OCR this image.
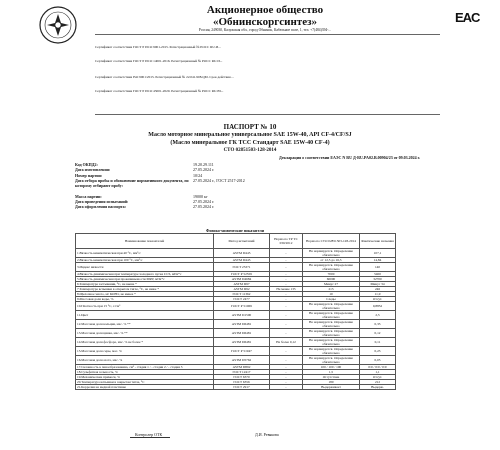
Акционерное общество
«Обнинскоргсинтез»	EAC
Россия, 249030, Калужская обл., город Обнинск, Кабельное поле, 1, тел. +7(484)394-...
Сертификат соответствия ГОСТ Р ИСО 9001-2015. Регистрационный № РОСС RU.И...
Сертификат соответствия ГОСТ Р ИСО 14001-2016. Регистрационный № РОСС RU.И...
Сертификат соответствия ISO 9001:2015. Регистрационный № 22.041.908.QM. Срок действия ...
Сертификат соответствия ГОСТ Р ИСО 45001-2020. Регистрационный № РОСС RU.Ю...
ПАСПОРТ № 10
Масло моторное минеральное универсальное SAE 15W-40, API CF-4/CF/SJ
(Масло минеральное ГК ТСС Стандарт SAE 15W-40 CF-4)
СТО 02851503-128-2014
Декларация о соответствии ЕАЭС N RU Д-RU.PA02.B.00904/23 от 09.03.2024 г.
Код ОКПД2:	19.20.29.111
Дата изготовления:	27.05.2024 г.
Номер партии:	10/24
Дата отбора пробы и обозначение нормативного документа, по которому отбирают пробу:
27.05.2024 г., ГОСТ 2517-2012
Масса партии:	19000 кг
Дата проведения испытаний:	27.05.2024 г.
Дата оформления паспорта:	27.05.2024 г.
Физико-химические показатели
Наименование показателей	Метод испытаний	Норма по ТР ТС 030/2012	Норма по СТО 02851503-128-2014	Фактические значения
1.Вязкость кинематическая при 40 °С, мм²/с	ASTM D445	-	Не нормируется. Определение обязательно	107,1
2.Вязкость кинематическая при 100 °С, мм²/с	ASTM D445	-	от 12,5 до 16,3	14,84
3.Индекс вязкости	ГОСТ 25371	-	Не нормируется. Определение обязательно	140
4.Вязкость динамическая при температуре холодного пуска CCS, мПа*с	ГОСТ Р 52559	-	7000	5400
5.Вязкость динамическая при прокачиваемости MRV, мПа*с	ASTM D4684	-	60000	32700
6.Температура застывания, °С, не выше *	ASTM D97	-	Минус 27	Минус 34
7.Температура вспышки в открытом тигле, °С, не ниже *	ASTM D92	Не менее 135	215	246
8.Щелочное число, мг КОН/г, не менее *	ГОСТ 11362	-	10	11,9
9.Массовая доля воды, %	ГОСТ 2477	-	Следы	Отсут.
10.Плотность при 15 °С, г/см³	ГОСТ Р 51069	-	Не нормируется. Определение обязательно	0,8852
11.Цвет	ASTM D1500	-	Не нормируется. Определение обязательно	2,5
12.Массовая доля кальция, мас. % **	ASTM D6481	-	Не нормируется. Определение обязательно	0,33
13.Массовая доля цинка, мас. % **	ASTM D6481	-	Не нормируется. Определение обязательно	0,12
14.Массовая доля фосфора, мас. % не более *	ASTM D6481	Не более 0,12	Не нормируется. Определение обязательно	0,11
15.Массовая доля серы, мас. %	ГОСТ Р 51947	-	Не нормируется. Определение обязательно	0,23
16.Массовая доля азота, мас. %	ASTM D5762	-	Не нормируется. Определение обязательно	0,05
17.Склонность к пенообразованию, см³ - стадия 1 / - стадия 2 / - стадия 3	ASTM D892	-	100 / 100 / 100	0/0 / 0/0 / 0/0
18.Сульфатная зольность, %	ГОСТ 12417	-	1,5	1,1
19.Механические примеси, %	ГОСТ 6370	-	Отсутствие	Отсут.
20.Температура вспышки в закрытом тигле, °С	ГОСТ 6356	-	180	212
21.Коррозия на медной пластинке	ГОСТ 2917	-	Выдерживает	Выдерж.
Контролер ОТК	Д.И. Ревякова
